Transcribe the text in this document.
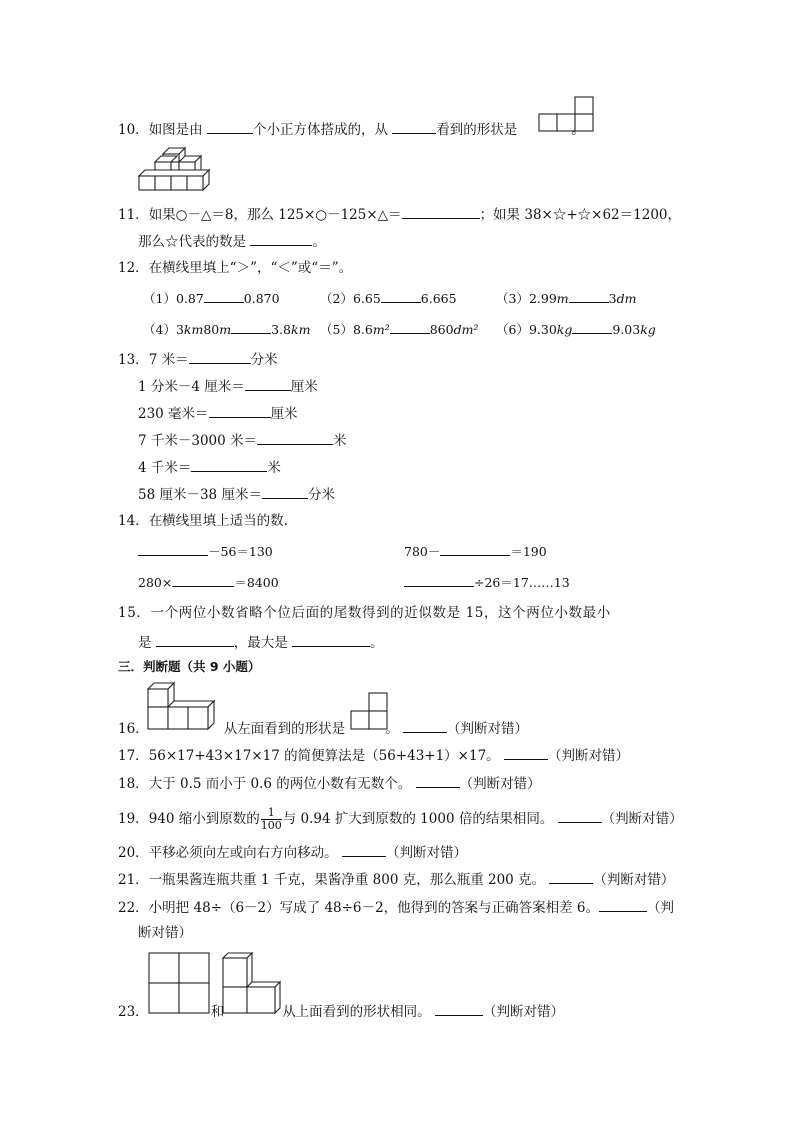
10．如图是由	个小正方体搭成的，从	看到的形状是
11．如果○－△＝8，那么 125×○－125×△＝	；如果 38×☆+☆×62＝1200，
那么☆代表的数是	。
12．在横线里填上“＞”，“＜”或“＝”。
（1）0.87	0.870	（2）6.65	6.665	（3）2.99m	3dm
（4）3km80m	3.8km （5）8.6m²	860dm² （6）9.30kg	9.03kg
13．7 米＝	分米
1 分米－4 厘米＝	厘米
230 毫米＝	厘米
7 千米－3000 米＝	米
4 千米＝	米
58 厘米－38 厘米＝	分米
14．在横线里填上适当的数.
－56＝130	780－	＝190
280×	＝8400	÷26＝17……13
15．一个两位小数省略个位后面的尾数得到的近似数是 15，这个两位小数最小
是	，最大是	。
三．判断题（共 9 小题）
16．	从左面看到的形状是	。	（判断对错）
17．56×17+43×17×17 的简便算法是（56+43+1）×17。	（判断对错）
18．大于 0.5 而小于 0.6 的两位小数有无数个。	（判断对错）
19．940 缩小到原数的 $\frac{1}{100}$ 与 0.94 扩大到原数的 1000 倍的结果相同。	（判断对错）
20．平移必须向左或向右方向移动。	（判断对错）
21．一瓶果酱连瓶共重 1 千克，果酱净重 800 克，那么瓶重 200 克。	（判断对错）
22．小明把 48÷（6－2）写成了 48÷6－2，他得到的答案与正确答案相差 6。	（判
断对错）
23．	和	从上面看到的形状相同。	（判断对错）
